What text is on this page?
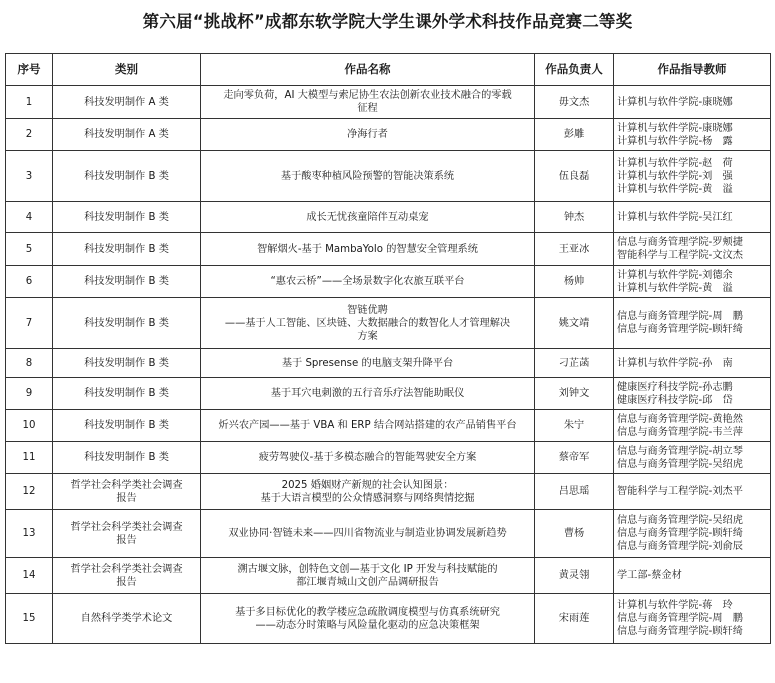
第六届“挑战杯”成都东软学院大学生课外学术科技作品竞赛二等奖
序号	类别	作品名称	作品负责人	作品指导教师
1	科技发明制作 A 类	走向零负荷，AI 大模型与索尼协生农法创新农业技术融合的零载
征程	毋文杰	计算机与软件学院-康晓娜

2	科技发明制作 A 类	净海行者	彭雕	计算机与软件学院-康晓娜
计算机与软件学院-杨　露

3	科技发明制作 B 类	基于酸枣种植风险预警的智能决策系统	伍良磊	计算机与软件学院-赵　荷
计算机与软件学院-刘　强
计算机与软件学院-黄　溢

4	科技发明制作 B 类	成长无忧孩童陪伴互动桌宠	钟杰	计算机与软件学院-吴江红

5	科技发明制作 B 类	智解烟火-基于 MambaYolo 的智慧安全管理系统	王亚冰	信息与商务管理学院-罗颊捷
智能科学与工程学院-文汶杰

6	科技发明制作 B 类	“惠农云桥”——全场景数字化农旅互联平台	杨帅	计算机与软件学院-刘德余
计算机与软件学院-黄　溢

7	科技发明制作 B 类	智链优聘
——基于人工智能、区块链、大数据融合的数智化人才管理解决
方案	姚文靖	信息与商务管理学院-周　鹏
信息与商务管理学院-顾轩绮

8	科技发明制作 B 类	基于 Spresense 的电脑支架升降平台	刁芷菡	计算机与软件学院-孙　南

9	科技发明制作 B 类	基于耳穴电刺激的五行音乐疗法智能助眠仪	刘钟文	健康医疗科技学院-孙志鹏
健康医疗科技学院-邱　岱

10	科技发明制作 B 类	炘兴农产园——基于 VBA 和 ERP 结合网站搭建的农产品销售平台	朱宁	信息与商务管理学院-黄艳然
信息与商务管理学院-韦兰萍

11	科技发明制作 B 类	疲劳驾驶仪-基于多模态融合的智能驾驶安全方案	蔡帝军	信息与商务管理学院-胡立琴
信息与商务管理学院-吴绍虎

12	哲学社会科学类社会调查
报告	2025 婚姻财产新规的社会认知图景：
基于大语言模型的公众情感洞察与网络舆情挖掘	吕思瑶	智能科学与工程学院-刘杰平

13	哲学社会科学类社会调查
报告	双业协同·智链未来——四川省物流业与制造业协调发展新趋势	曹杨	信息与商务管理学院-吴绍虎
信息与商务管理学院-顾轩绮
信息与商务管理学院-刘俞辰

14	哲学社会科学类社会调查
报告	溯古堰文脉，创特色文创—基于文化 IP 开发与科技赋能的
都江堰青城山文创产品调研报告	黄灵翎	学工部-蔡金材

15	自然科学类学术论文	基于多目标优化的教学楼应急疏散调度模型与仿真系统研究
——动态分时策略与风险量化驱动的应急决策框架	宋雨莲	计算机与软件学院-蒋　玲
信息与商务管理学院-周　鹏
信息与商务管理学院-顾轩绮
